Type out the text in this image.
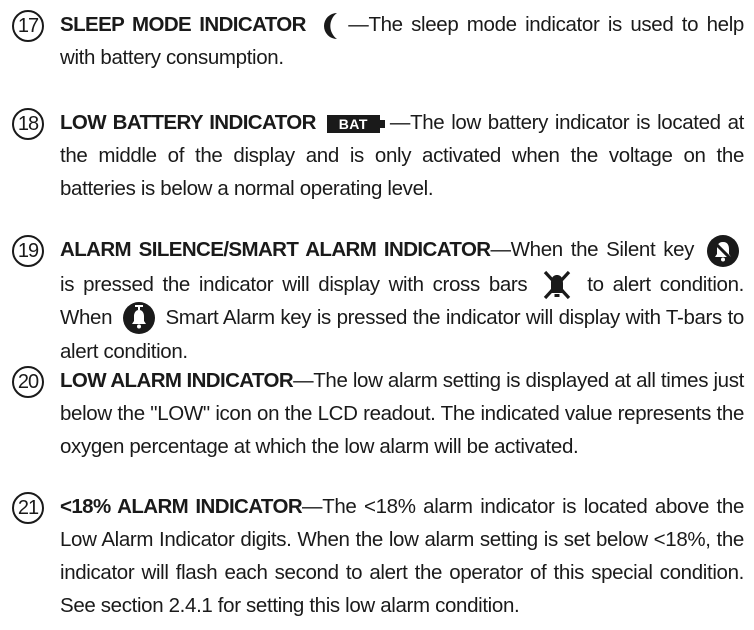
17 SLEEP MODE INDICATOR —The sleep mode indicator is used to help with battery consumption.
18 LOW BATTERY INDICATOR BAT —The low battery indicator is located at the middle of the display and is only activated when the voltage on the batteries is below a normal operating level.
19 ALARM SILENCE/SMART ALARM INDICATOR—When the Silent key  is pressed the indicator will display with cross bars	to alert condition. When	Smart Alarm key is pressed the indicator will display with T-bars to alert condition.
20 LOW ALARM INDICATOR—The low alarm setting is displayed at all times just below the "LOW" icon on the LCD readout. The indicated value represents the oxygen percentage at which the low alarm will be activated.
21 <18% ALARM INDICATOR—The <18% alarm indicator is located above the Low Alarm Indicator digits. When the low alarm setting is set below <18%, the indicator will flash each second to alert the operator of this special condition. See section 2.4.1 for setting this low alarm condition.
